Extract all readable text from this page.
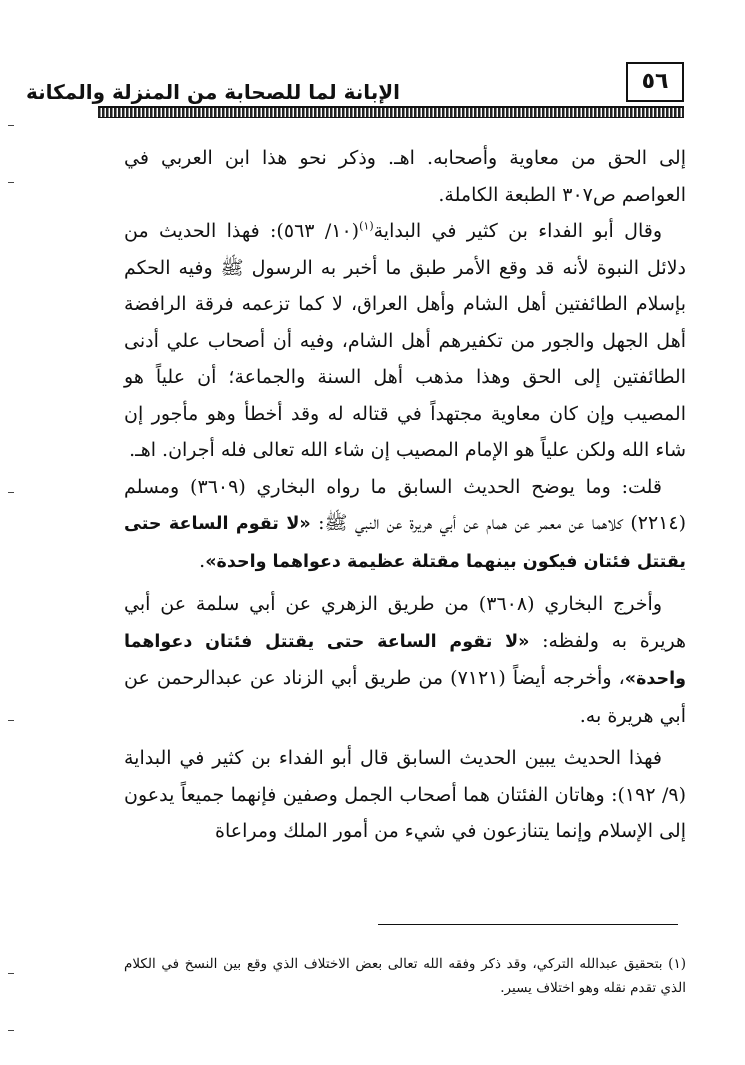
الإبانة لما للصحابة من المنزلة والمكانة	٥٦

إلى الحق من معاوية وأصحابه. اهـ. وذكر نحو هذا ابن العربي في العواصم ص٣٠٧ الطبعة الكاملة.

وقال أبو الفداء بن كثير في البداية$^{(١)}$(١٠/ ٥٦٣): فهذا الحديث من دلائل النبوة لأنه قد وقع الأمر طبق ما أخبر به الرسول ﷺ وفيه الحكم بإسلام الطائفتين أهل الشام وأهل العراق، لا كما تزعمه فرقة الرافضة أهل الجهل والجور من تكفيرهم أهل الشام، وفيه أن أصحاب علي أدنى الطائفتين إلى الحق وهذا مذهب أهل السنة والجماعة؛ أن علياً هو المصيب وإن كان معاوية مجتهداً في قتاله له وقد أخطأ وهو مأجور إن شاء الله ولكن علياً هو الإمام المصيب إن شاء الله تعالى فله أجران. اهـ.

قلت: وما يوضح الحديث السابق ما رواه البخاري (٣٦٠٩) ومسلم (٢٢١٤) كلاهما عن معمر عن همام عن أبي هريرة عن النبي ﷺ: «لا تقوم الساعة حتى يقتتل فئتان فيكون بينهما مقتلة عظيمة دعواهما واحدة».

وأخرج البخاري (٣٦٠٨) من طريق الزهري عن أبي سلمة عن أبي هريرة به ولفظه: «لا تقوم الساعة حتى يقتتل فئتان دعواهما واحدة»، وأخرجه أيضاً (٧١٢١) من طريق أبي الزناد عن عبدالرحمن عن أبي هريرة به.

فهذا الحديث يبين الحديث السابق قال أبو الفداء بن كثير في البداية (٩/ ١٩٢): وهاتان الفئتان هما أصحاب الجمل وصفين فإنهما جميعاً يدعون إلى الإسلام وإنما يتنازعون في شيء من أمور الملك ومراعاة

(١) بتحقيق عبدالله التركي، وقد ذكر وفقه الله تعالى بعض الاختلاف الذي وقع بين النسخ في الكلام الذي تقدم نقله وهو اختلاف يسير.
